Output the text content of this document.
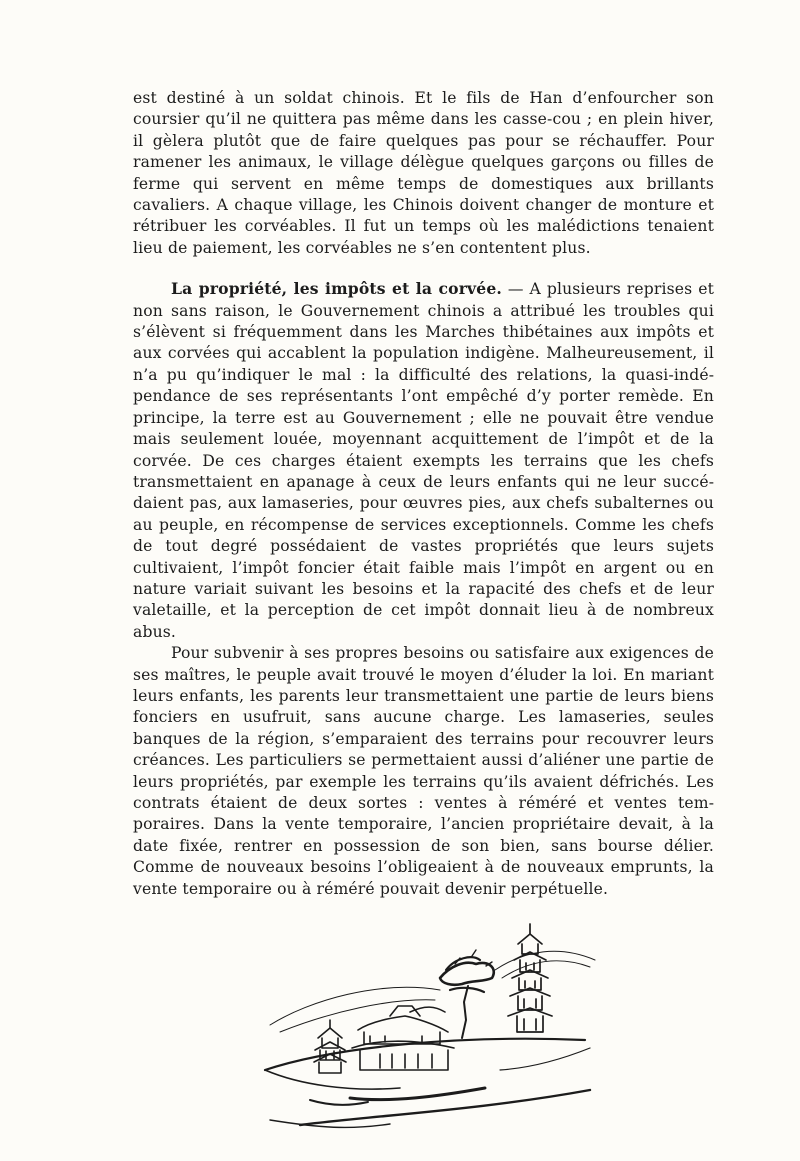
est destiné à un soldat chinois. Et le fils de Han d’enfourcher son coursier qu’il ne quittera pas même dans les casse-cou ; en plein hiver, il gèlera plutôt que de faire quelques pas pour se réchauffer. Pour ramener les animaux, le village délègue quelques garçons ou filles de ferme qui servent en même temps de domestiques aux brillants cavaliers. A chaque village, les Chinois doivent changer de monture et rétribuer les corvéables. Il fut un temps où les malédictions tenaient lieu de paiement, les corvéables ne s’en contentent plus.

La propriété, les impôts et la corvée. — A plusieurs reprises et non sans raison, le Gouvernement chinois a attribué les troubles qui s’élèvent si fréquemment dans les Marches thibétaines aux impôts et aux corvées qui accablent la population indigène. Malheureusement, il n’a pu qu’indiquer le mal : la difficulté des relations, la quasi-indépendance de ses représentants l’ont empêché d’y porter remède. En principe, la terre est au Gouvernement ; elle ne pouvait être vendue mais seulement louée, moyennant acquittement de l’impôt et de la corvée. De ces charges étaient exempts les terrains que les chefs transmettaient en apanage à ceux de leurs enfants qui ne leur succédaient pas, aux lamaseries, pour œuvres pies, aux chefs subalternes ou au peuple, en récompense de services exceptionnels. Comme les chefs de tout degré possédaient de vastes propriétés que leurs sujets cultivaient, l’impôt foncier était faible mais l’impôt en argent ou en nature variait suivant les besoins et la rapacité des chefs et de leur valetaille, et la perception de cet impôt donnait lieu à de nombreux abus.

Pour subvenir à ses propres besoins ou satisfaire aux exigences de ses maîtres, le peuple avait trouvé le moyen d’éluder la loi. En mariant leurs enfants, les parents leur transmettaient une partie de leurs biens fonciers en usufruit, sans aucune charge. Les lamaseries, seules banques de la région, s’emparaient des terrains pour recouvrer leurs créances. Les particuliers se permettaient aussi d’aliéner une partie de leurs propriétés, par exemple les terrains qu’ils avaient défrichés. Les contrats étaient de deux sortes : ventes à réméré et ventes temporaires. Dans la vente temporaire, l’ancien propriétaire devait, à la date fixée, rentrer en possession de son bien, sans bourse délier. Comme de nouveaux besoins l’obligeaient à de nouveaux emprunts, la vente temporaire ou à réméré pouvait devenir perpétuelle.
